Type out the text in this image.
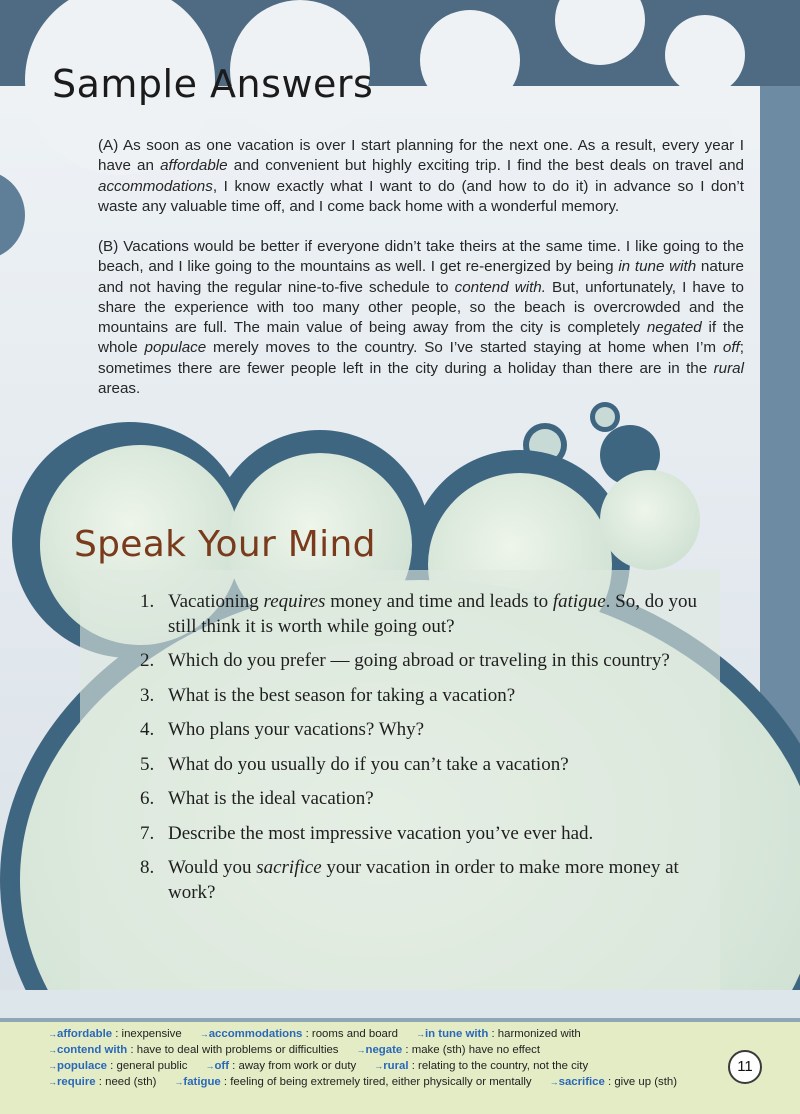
Sample Answers

(A) As soon as one vacation is over I start planning for the next one. As a result, every year I have an affordable and convenient but highly exciting trip. I find the best deals on travel and accommodations, I know exactly what I want to do (and how to do it) in advance so I don’t waste any valuable time off, and I come back home with a wonderful memory.

(B) Vacations would be better if everyone didn’t take theirs at the same time. I like going to the beach, and I like going to the mountains as well. I get re-energized by being in tune with nature and not having the regular nine-to-five schedule to contend with. But, unfortunately, I have to share the experience with too many other people, so the beach is overcrowded and the mountains are full. The main value of being away from the city is completely negated if the whole populace merely moves to the country. So I’ve started staying at home when I’m off; sometimes there are fewer people left in the city during a holiday than there are in the rural areas.

Speak Your Mind
1. Vacationing requires money and time and leads to fatigue. So, do you still think it is worth while going out?
2. Which do you prefer — going abroad or traveling in this country?
3. What is the best season for taking a vacation?
4. Who plans your vacations? Why?
5. What do you usually do if you can’t take a vacation?
6. What is the ideal vacation?
7. Describe the most impressive vacation you’ve ever had.
8. Would you sacrifice your vacation in order to make more money at work?
→affordable : inexpensive →accommodations : rooms and board →in tune with : harmonized with
→contend with : have to deal with problems or difficulties →negate : make (sth) have no effect
→populace : general public →off : away from work or duty →rural : relating to the country, not the city
→require : need (sth) →fatigue : feeling of being extremely tired, either physically or mentally →sacrifice : give up (sth)
11
